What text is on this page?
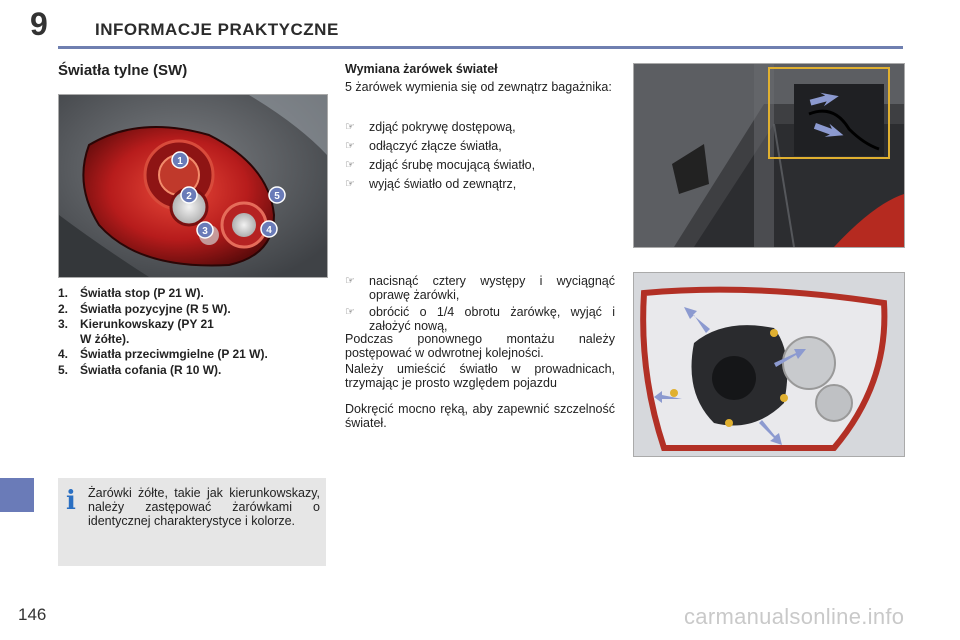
9	INFORMACJE PRAKTYCZNE
Światła tylne (SW)
1
2
3	4
5
1. Światła stop (P 21 W).
2. Światła pozycyjne (R 5 W).
3. Kierunkowskazy (PY 21 W żółte).
4. Światła przeciwmgielne (P 21 W).
5. Światła cofania (R 10 W).
i Żarówki żółte, takie jak kierunkowskazy, należy zastępować żarówkami o identycznej charakterystyce i kolorze.
146
Wymiana żarówek świateł
5 żarówek wymienia się od zewnątrz bagażnika:
☞	zdjąć pokrywę dostępową,
☞	odłączyć złącze światła,
☞	zdjąć śrubę mocującą światło,
☞	wyjąć światło od zewnątrz,
☞	nacisnąć cztery występy i wyciągnąć oprawę żarówki,
☞	obrócić o 1/4 obrotu żarówkę, wyjąć i założyć nową,
Podczas ponownego montażu należy postępować w odwrotnej kolejności.
Należy umieścić światło w prowadnicach, trzymając je prosto względem pojazdu
Dokręcić mocno ręką, aby zapewnić szczelność świateł.
carmanualsonline.info
